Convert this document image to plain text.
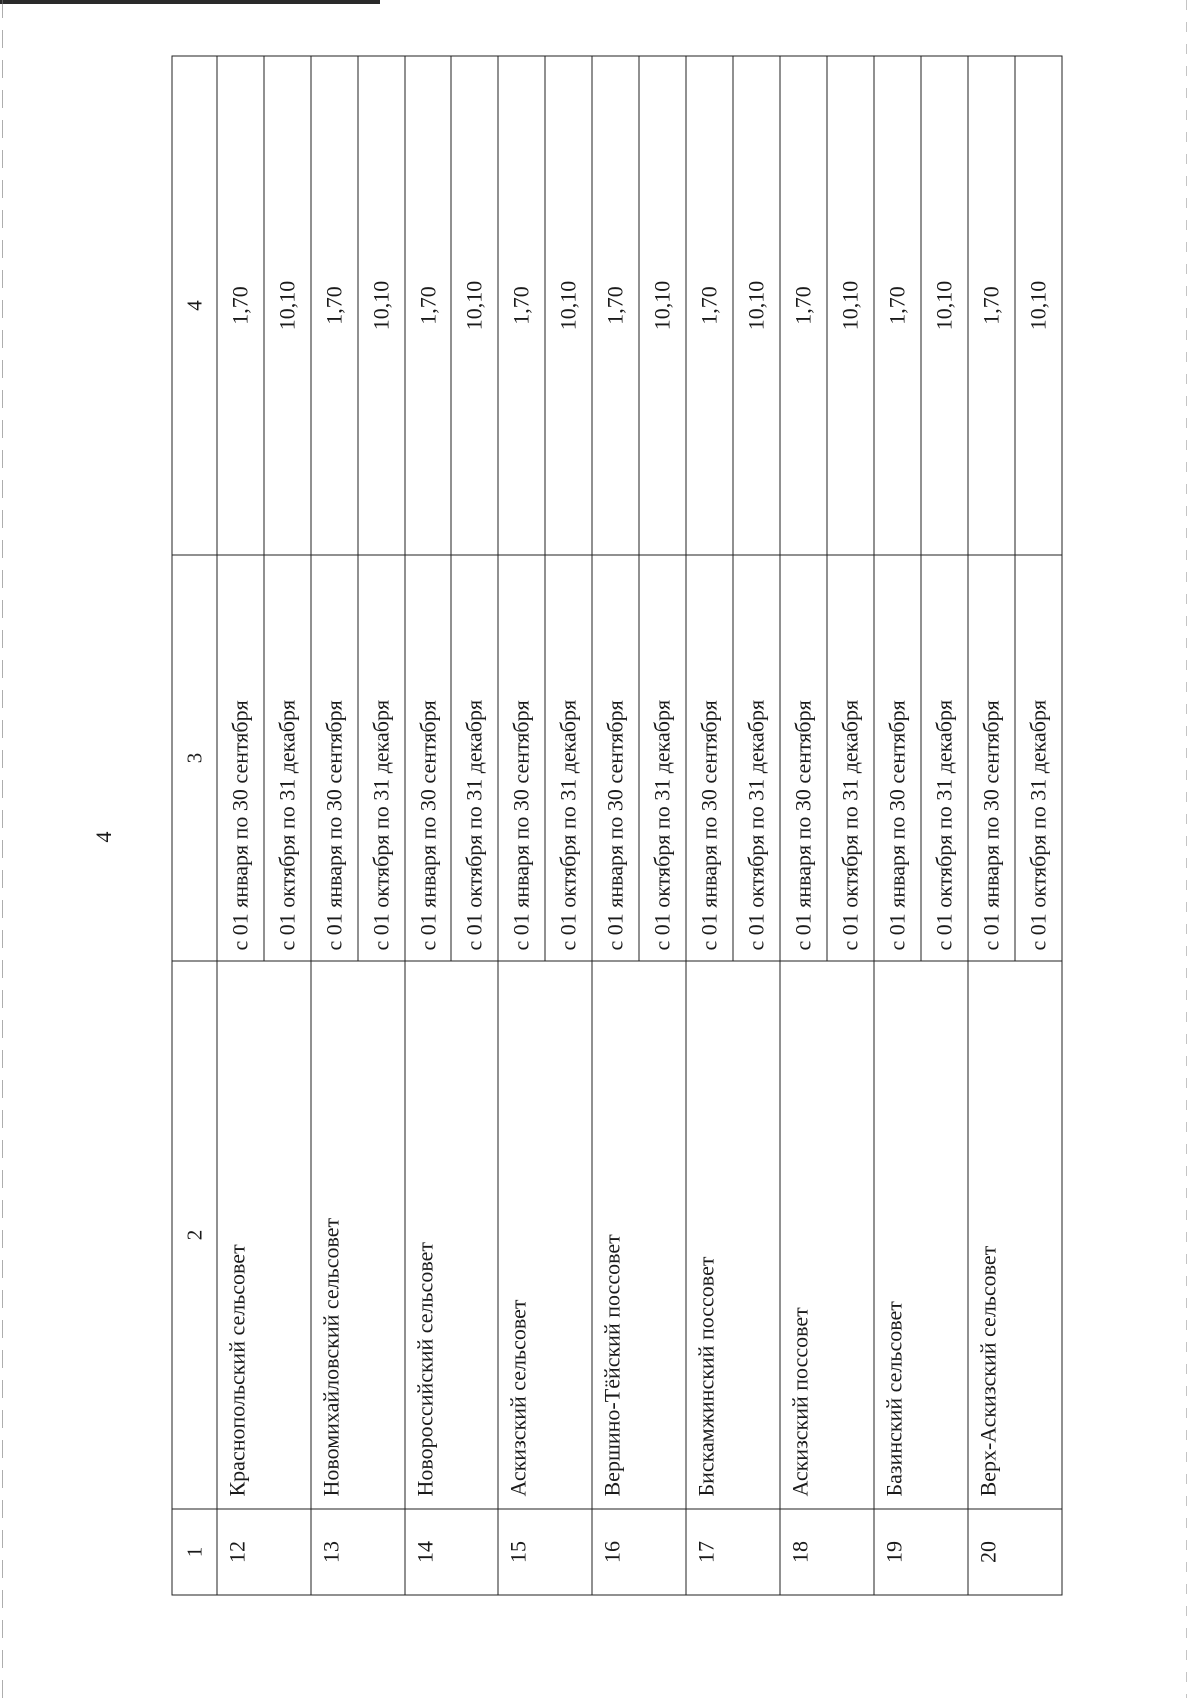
4
1	2	3	4
12	Краснопольский сельсовет	с 01 января по 30 сентября	1,70
		с 01 октября по 31 декабря	10,10
13	Новомихайловский сельсовет	с 01 января по 30 сентября	1,70
		с 01 октября по 31 декабря	10,10
14	Новороссийский сельсовет	с 01 января по 30 сентября	1,70
		с 01 октября по 31 декабря	10,10
15	Аскизский сельсовет	с 01 января по 30 сентября	1,70
		с 01 октября по 31 декабря	10,10
16	Вершино-Тёйский поссовет	с 01 января по 30 сентября	1,70
		с 01 октября по 31 декабря	10,10
17	Бискамжинский поссовет	с 01 января по 30 сентября	1,70
		с 01 октября по 31 декабря	10,10
18	Аскизский поссовет	с 01 января по 30 сентября	1,70
		с 01 октября по 31 декабря	10,10
19	Базинский сельсовет	с 01 января по 30 сентября	1,70
		с 01 октября по 31 декабря	10,10
20	Верх-Аскизский сельсовет	с 01 января по 30 сентября	1,70
		с 01 октября по 31 декабря	10,10
